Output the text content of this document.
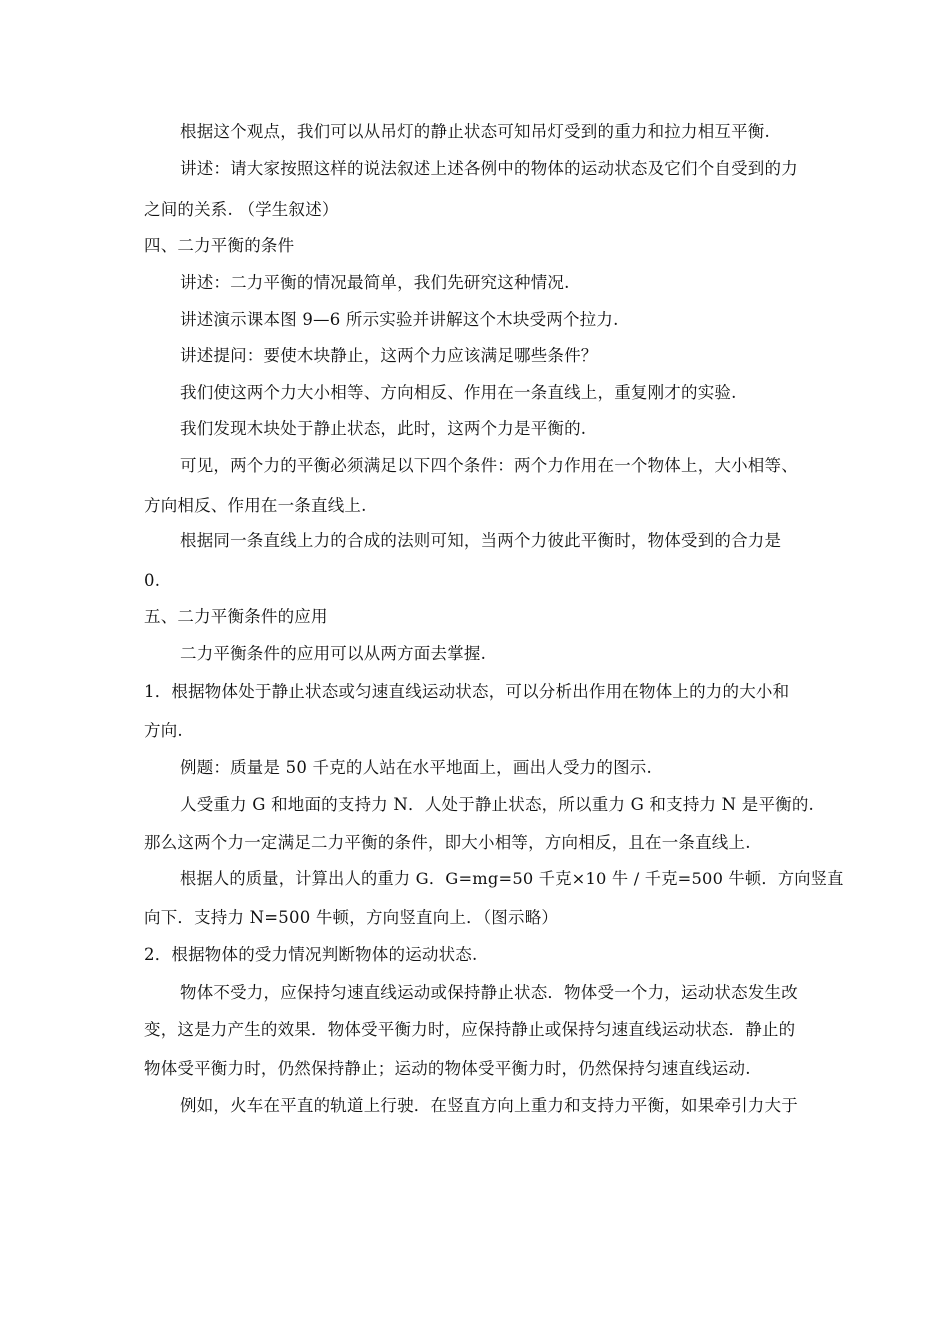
根据这个观点，我们可以从吊灯的静止状态可知吊灯受到的重力和拉力相互平衡.
讲述：请大家按照这样的说法叙述上述各例中的物体的运动状态及它们个自受到的力
之间的关系. （学生叙述）
四、二力平衡的条件
讲述：二力平衡的情况最简单，我们先研究这种情况.
讲述演示课本图 9—6 所示实验并讲解这个木块受两个拉力.
讲述提问：要使木块静止，这两个力应该满足哪些条件？
我们使这两个力大小相等、方向相反、作用在一条直线上，重复刚才的实验.
我们发现木块处于静止状态，此时，这两个力是平衡的.
可见，两个力的平衡必须满足以下四个条件：两个力作用在一个物体上，大小相等、
方向相反、作用在一条直线上.
根据同一条直线上力的合成的法则可知，当两个力彼此平衡时，物体受到的合力是
0.
五、二力平衡条件的应用
二力平衡条件的应用可以从两方面去掌握.
1．根据物体处于静止状态或匀速直线运动状态，可以分析出作用在物体上的力的大小和
方向.
例题：质量是 50 千克的人站在水平地面上，画出人受力的图示.
人受重力 G 和地面的支持力 N．人处于静止状态，所以重力 G 和支持力 N 是平衡的.
那么这两个力一定满足二力平衡的条件，即大小相等，方向相反，且在一条直线上.
根据人的质量，计算出人的重力 G．G=mg=50 千克×10 牛 / 千克=500 牛顿．方向竖直
向下．支持力 N=500 牛顿，方向竖直向上．（图示略）
2．根据物体的受力情况判断物体的运动状态.
物体不受力，应保持匀速直线运动或保持静止状态．物体受一个力，运动状态发生改
变，这是力产生的效果．物体受平衡力时，应保持静止或保持匀速直线运动状态．静止的
物体受平衡力时，仍然保持静止；运动的物体受平衡力时，仍然保持匀速直线运动.
例如，火车在平直的轨道上行驶．在竖直方向上重力和支持力平衡，如果牵引力大于
